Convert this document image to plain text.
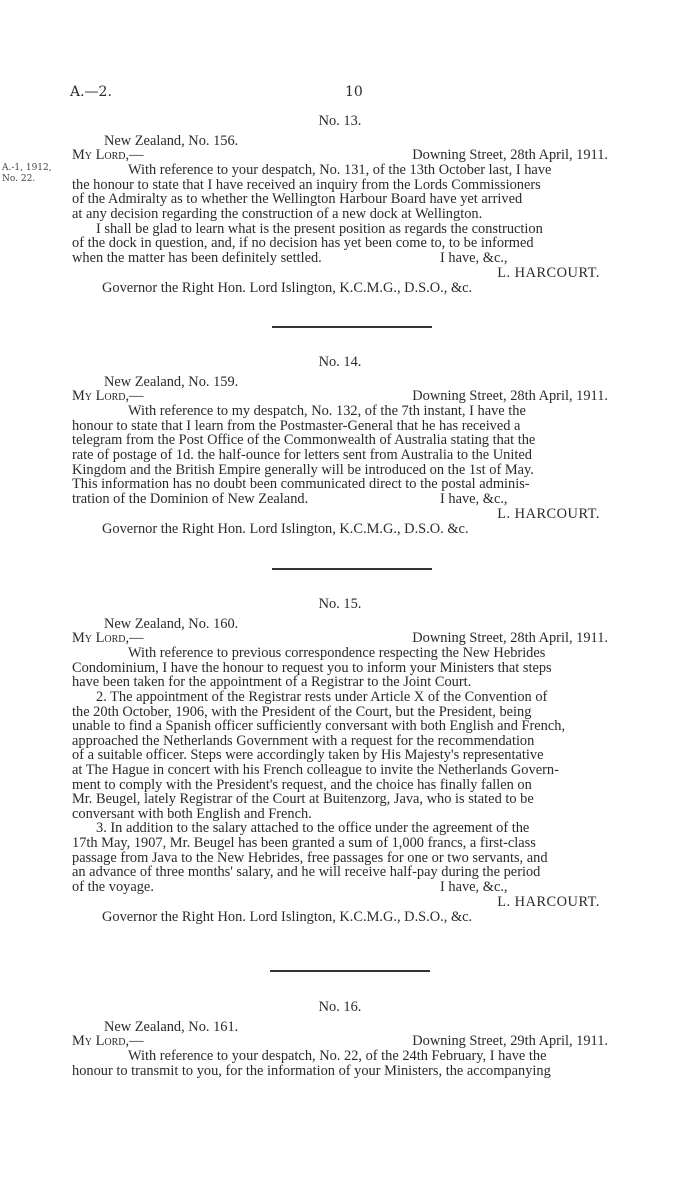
A.—2.	10
A.-1, 1912,
No. 22.
No. 13.
New Zealand, No. 156.
My Lord,—	Downing Street, 28th April, 1911.
With reference to your despatch, No. 131, of the 13th October last, I have
the honour to state that I have received an inquiry from the Lords Commissioners
of the Admiralty as to whether the Wellington Harbour Board have yet arrived
at any decision regarding the construction of a new dock at Wellington.
I shall be glad to learn what is the present position as regards the construction
of the dock in question, and, if no decision has yet been come to, to be informed
when the matter has been definitely settled.	I have, &c.,
L. HARCOURT.
Governor the Right Hon. Lord Islington, K.C.M.G., D.S.O., &c.
No. 14.
New Zealand, No. 159.
My Lord,—	Downing Street, 28th April, 1911.
With reference to my despatch, No. 132, of the 7th instant, I have the
honour to state that I learn from the Postmaster-General that he has received a
telegram from the Post Office of the Commonwealth of Australia stating that the
rate of postage of 1d. the half-ounce for letters sent from Australia to the United
Kingdom and the British Empire generally will be introduced on the 1st of May.
This information has no doubt been communicated direct to the postal adminis-
tration of the Dominion of New Zealand.	I have, &c.,
L. HARCOURT.
Governor the Right Hon. Lord Islington, K.C.M.G., D.S.O. &c.
No. 15.
New Zealand, No. 160.
My Lord,—	Downing Street, 28th April, 1911.
With reference to previous correspondence respecting the New Hebrides
Condominium, I have the honour to request you to inform your Ministers that steps
have been taken for the appointment of a Registrar to the Joint Court.
2. The appointment of the Registrar rests under Article X of the Convention of
the 20th October, 1906, with the President of the Court, but the President, being
unable to find a Spanish officer sufficiently conversant with both English and French,
approached the Netherlands Government with a request for the recommendation
of a suitable officer. Steps were accordingly taken by His Majesty's representative
at The Hague in concert with his French colleague to invite the Netherlands Govern-
ment to comply with the President's request, and the choice has finally fallen on
Mr. Beugel, lately Registrar of the Court at Buitenzorg, Java, who is stated to be
conversant with both English and French.
3. In addition to the salary attached to the office under the agreement of the
17th May, 1907, Mr. Beugel has been granted a sum of 1,000 francs, a first-class
passage from Java to the New Hebrides, free passages for one or two servants, and
an advance of three months' salary, and he will receive half-pay during the period
of the voyage.	I have, &c.,
L. HARCOURT.
Governor the Right Hon. Lord Islington, K.C.M.G., D.S.O., &c.
No. 16.
New Zealand, No. 161.
My Lord,—	Downing Street, 29th April, 1911.
With reference to your despatch, No. 22, of the 24th February, I have the
honour to transmit to you, for the information of your Ministers, the accompanying
